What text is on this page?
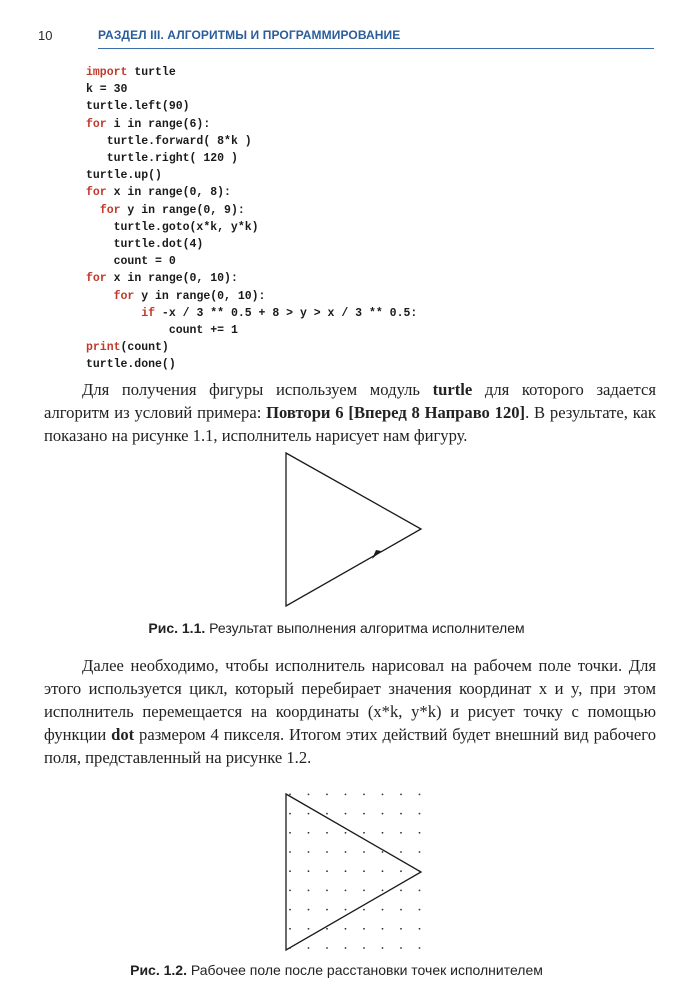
10	РАЗДЕЛ III. АЛГОРИТМЫ И ПРОГРАММИРОВАНИЕ
import turtle
k = 30
turtle.left(90)
for i in range(6):
turtle.forward( 8*k )
turtle.right( 120 )
turtle.up()
for x in range(0, 8):
for y in range(0, 9):
turtle.goto(x*k, y*k)
turtle.dot(4)
count = 0
for x in range(0, 10):
for y in range(0, 10):
if -x / 3 ** 0.5 + 8 > y > x / 3 ** 0.5:
count += 1
print(count)
turtle.done()

Для получения фигуры используем модуль turtle для которого задается алгоритм из условий примера: Повтори 6 [Вперед 8 Направо 120]. В результате, как показано на рисунке 1.1, исполнитель нарисует нам фигуру.

Рис. 1.1. Результат выполнения алгоритма исполнителем

Далее необходимо, чтобы исполнитель нарисовал на рабочем поле точки. Для этого используется цикл, который перебирает значения координат x и y, при этом исполнитель перемещается на координаты (x*k, y*k) и рисует точку с помощью функции dot размером 4 пикселя. Итогом этих действий будет внешний вид рабочего поля, представленный на рисунке 1.2.

Рис. 1.2. Рабочее поле после расстановки точек исполнителем
